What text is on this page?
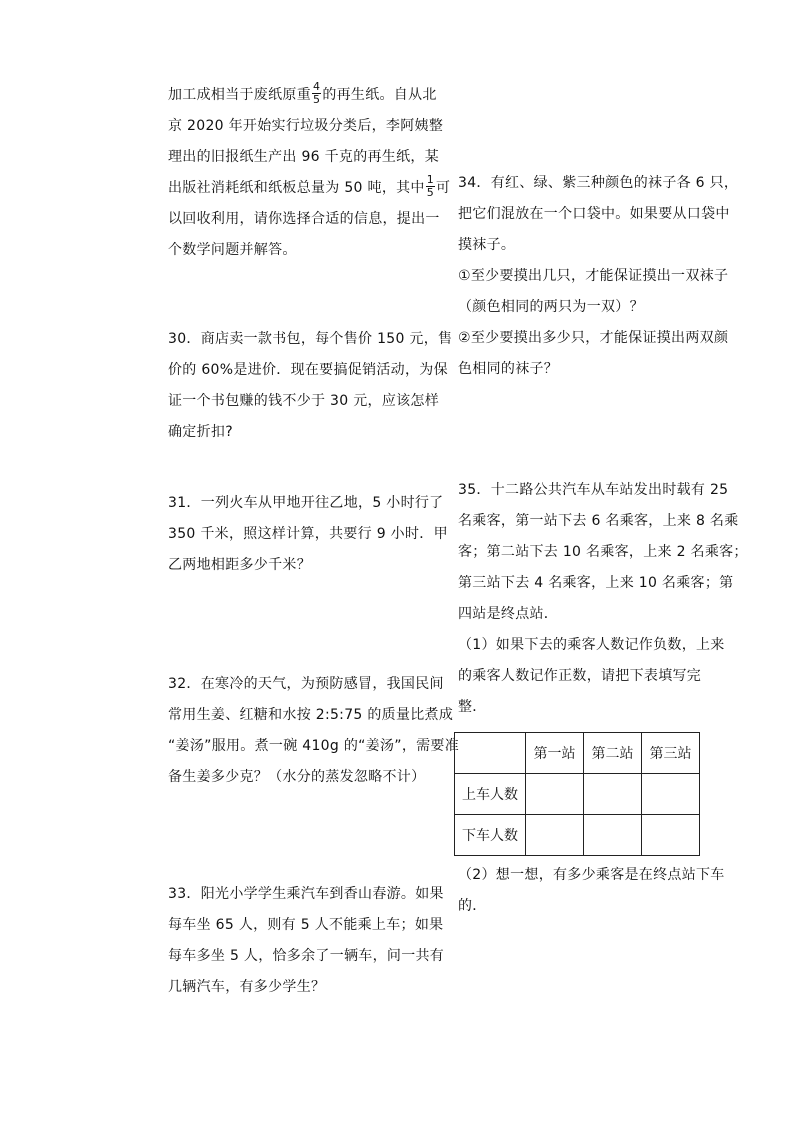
加工成相当于废纸原重 $\frac{4}{5}$ 的再生纸。自从北
京 2020 年开始实行垃圾分类后，李阿姨整
理出的旧报纸生产出 96 千克的再生纸，某
出版社消耗纸和纸板总量为 50 吨，其中 $\frac{1}{5}$ 可
以回收利用，请你选择合适的信息，提出一
个数学问题并解答。
30．商店卖一款书包，每个售价 150 元，售
价的 60%是进价．现在要搞促销活动，为保
证一个书包赚的钱不少于 30 元，应该怎样
确定折扣?
31．一列火车从甲地开往乙地，5 小时行了
350 千米，照这样计算，共要行 9 小时．甲
乙两地相距多少千米？
32．在寒冷的天气，为预防感冒，我国民间
常用生姜、红糖和水按 2:5:75 的质量比煮成
“姜汤”服用。煮一碗 410g 的“姜汤”，需要准
备生姜多少克？（水分的蒸发忽略不计）
33．阳光小学学生乘汽车到香山春游。如果
每车坐 65 人，则有 5 人不能乘上车；如果
每车多坐 5 人，恰多余了一辆车，问一共有
几辆汽车，有多少学生？
34．有红、绿、紫三种颜色的袜子各 6 只，
把它们混放在一个口袋中。如果要从口袋中
摸袜子。
①至少要摸出几只，才能保证摸出一双袜子
（颜色相同的两只为一双）？
②至少要摸出多少只，才能保证摸出两双颜
色相同的袜子？
35．十二路公共汽车从车站发出时载有 25
名乘客，第一站下去 6 名乘客，上来 8 名乘
客；第二站下去 10 名乘客，上来 2 名乘客；
第三站下去 4 名乘客，上来 10 名乘客；第
四站是终点站．
（1）如果下去的乘客人数记作负数，上来
的乘客人数记作正数，请把下表填写完
整．
	第一站	第二站	第三站
上车人数			
下车人数			
（2）想一想，有多少乘客是在终点站下车
的．
